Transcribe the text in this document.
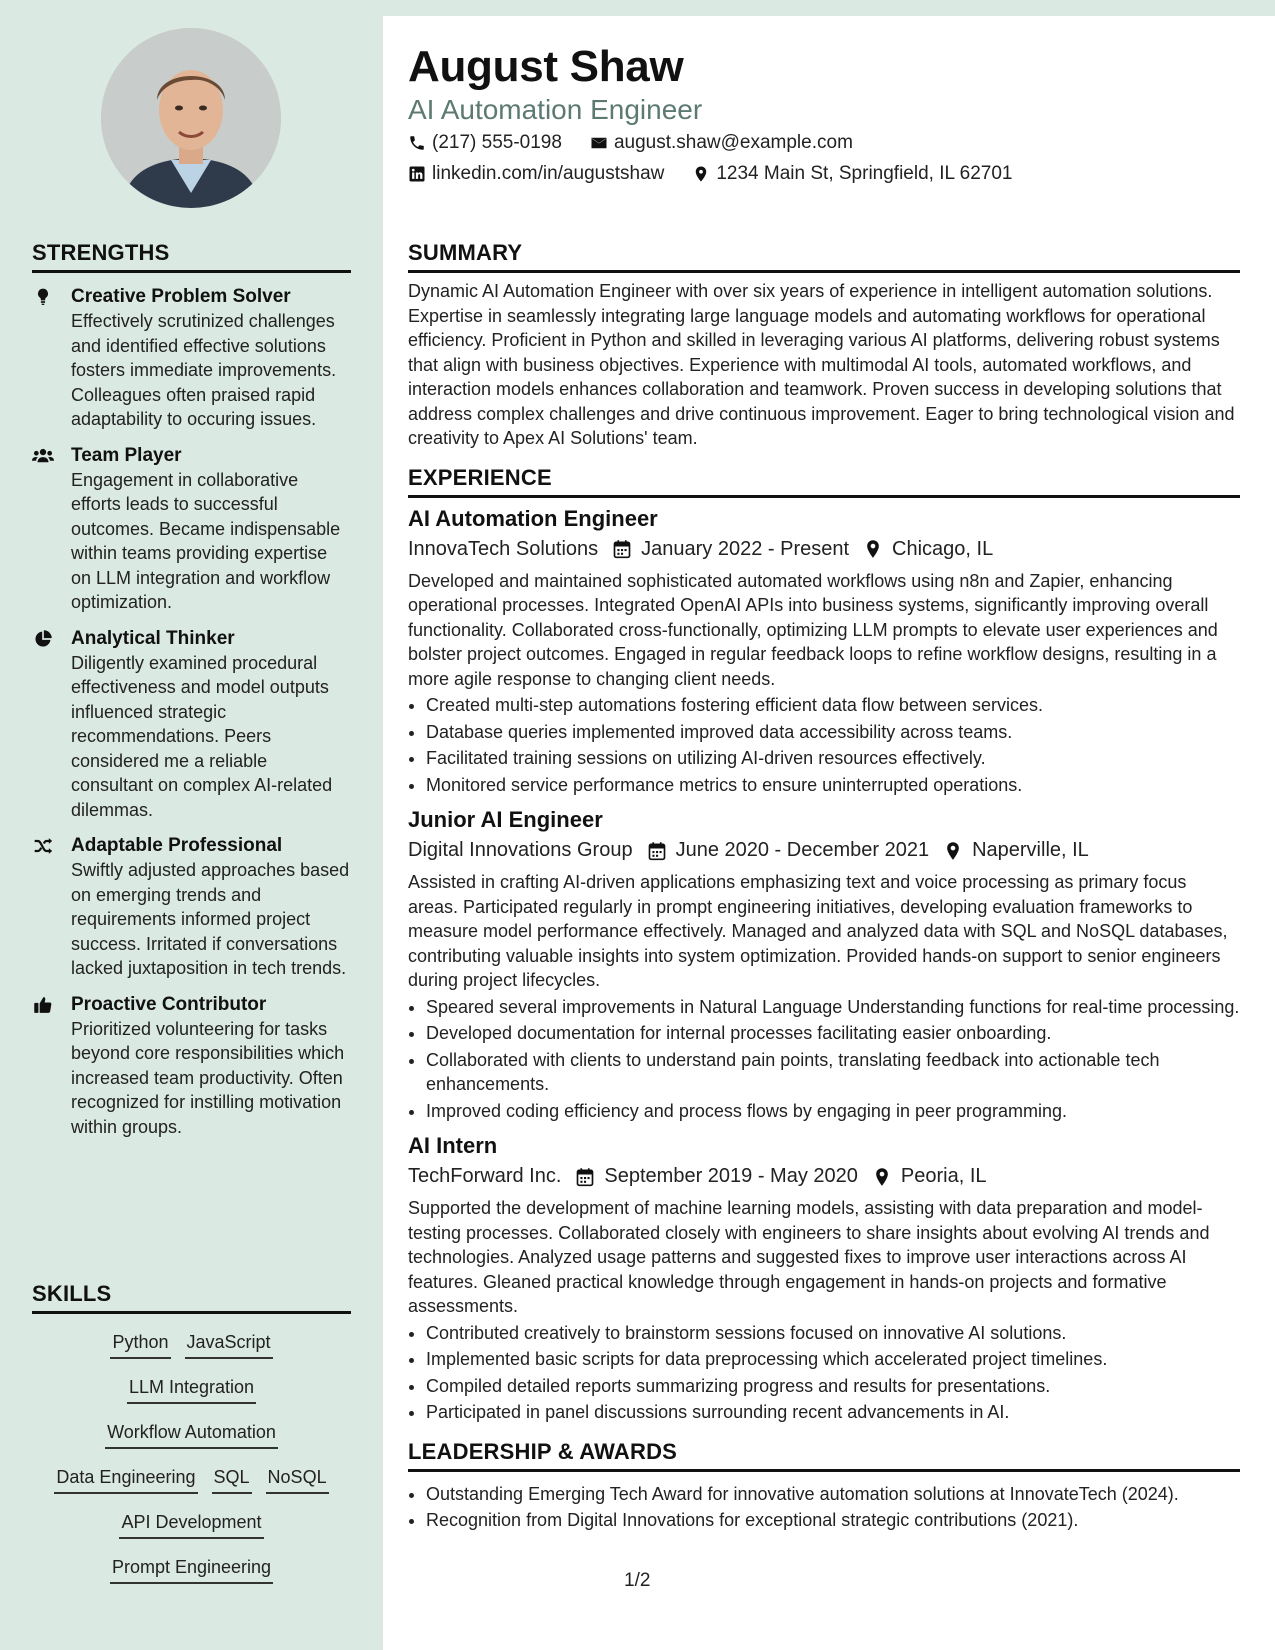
August Shaw
AI Automation Engineer
(217) 555-0198	august.shaw@example.com
linkedin.com/in/augustshaw	1234 Main St, Springfield, IL 62701
STRENGTHS
Creative Problem Solver
Effectively scrutinized challenges and identified effective solutions fosters immediate improvements. Colleagues often praised rapid adaptability to occuring issues.
Team Player
Engagement in collaborative efforts leads to successful outcomes. Became indispensable within teams providing expertise on LLM integration and workflow optimization.
Analytical Thinker
Diligently examined procedural effectiveness and model outputs influenced strategic recommendations. Peers considered me a reliable consultant on complex AI-related dilemmas.
Adaptable Professional
Swiftly adjusted approaches based on emerging trends and requirements informed project success. Irritated if conversations lacked juxtaposition in tech trends.
Proactive Contributor
Prioritized volunteering for tasks beyond core responsibilities which increased team productivity. Often recognized for instilling motivation within groups.
SKILLS
Python JavaScript
LLM Integration
Workflow Automation
Data Engineering SQL NoSQL
API Development
Prompt Engineering
SUMMARY
Dynamic AI Automation Engineer with over six years of experience in intelligent automation solutions. Expertise in seamlessly integrating large language models and automating workflows for operational efficiency. Proficient in Python and skilled in leveraging various AI platforms, delivering robust systems that align with business objectives. Experience with multimodal AI tools, automated workflows, and interaction models enhances collaboration and teamwork. Proven success in developing solutions that address complex challenges and drive continuous improvement. Eager to bring technological vision and creativity to Apex AI Solutions' team.
EXPERIENCE
AI Automation Engineer
InnovaTech Solutions January 2022 - Present Chicago, IL
Developed and maintained sophisticated automated workflows using n8n and Zapier, enhancing operational processes. Integrated OpenAI APIs into business systems, significantly improving overall functionality. Collaborated cross-functionally, optimizing LLM prompts to elevate user experiences and bolster project outcomes. Engaged in regular feedback loops to refine workflow designs, resulting in a more agile response to changing client needs.
• Created multi-step automations fostering efficient data flow between services.
• Database queries implemented improved data accessibility across teams.
• Facilitated training sessions on utilizing AI-driven resources effectively.
• Monitored service performance metrics to ensure uninterrupted operations.
Junior AI Engineer
Digital Innovations Group June 2020 - December 2021 Naperville, IL
Assisted in crafting AI-driven applications emphasizing text and voice processing as primary focus areas. Participated regularly in prompt engineering initiatives, developing evaluation frameworks to measure model performance effectively. Managed and analyzed data with SQL and NoSQL databases, contributing valuable insights into system optimization. Provided hands-on support to senior engineers during project lifecycles.
• Speared several improvements in Natural Language Understanding functions for real-time processing.
• Developed documentation for internal processes facilitating easier onboarding.
• Collaborated with clients to understand pain points, translating feedback into actionable tech enhancements.
• Improved coding efficiency and process flows by engaging in peer programming.
AI Intern
TechForward Inc. September 2019 - May 2020 Peoria, IL
Supported the development of machine learning models, assisting with data preparation and model-testing processes. Collaborated closely with engineers to share insights about evolving AI trends and technologies. Analyzed usage patterns and suggested fixes to improve user interactions across AI features. Gleaned practical knowledge through engagement in hands-on projects and formative assessments.
• Contributed creatively to brainstorm sessions focused on innovative AI solutions.
• Implemented basic scripts for data preprocessing which accelerated project timelines.
• Compiled detailed reports summarizing progress and results for presentations.
• Participated in panel discussions surrounding recent advancements in AI.
LEADERSHIP & AWARDS
• Outstanding Emerging Tech Award for innovative automation solutions at InnovateTech (2024).
• Recognition from Digital Innovations for exceptional strategic contributions (2021).
1/2
